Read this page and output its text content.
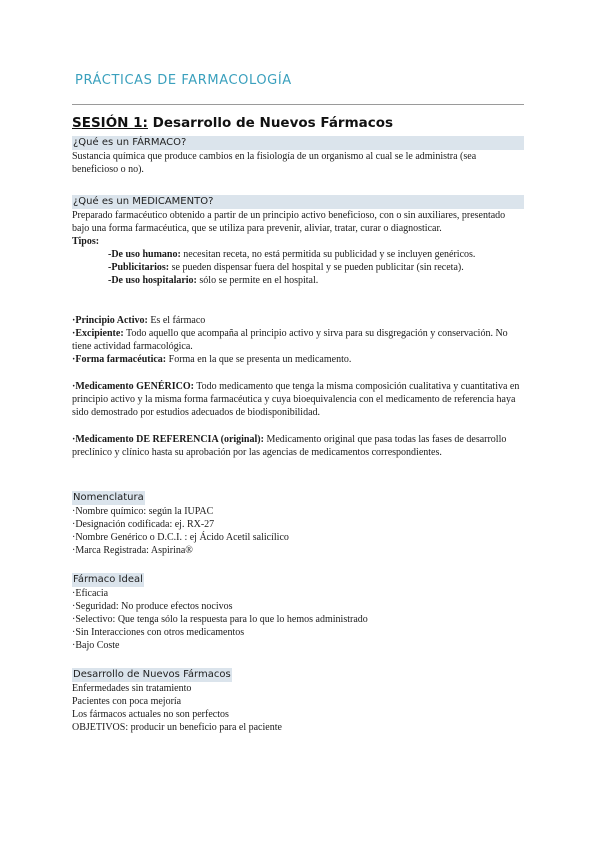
PRÁCTICAS DE FARMACOLOGÍA
SESIÓN 1: Desarrollo de Nuevos Fármacos
¿Qué es un FÁRMACO?

Sustancia química que produce cambios en la fisiología de un organismo al cual se le administra (sea beneficioso o no).

¿Qué es un MEDICAMENTO?

Preparado farmacéutico obtenido a partir de un principio activo beneficioso, con o sin auxiliares, presentado bajo una forma farmacéutica, que se utiliza para prevenir, aliviar, tratar, curar o diagnosticar.

Tipos:

-De uso humano: necesitan receta, no está permitida su publicidad y se incluyen genéricos.

-Publicitarios: se pueden dispensar fuera del hospital y se pueden publicitar (sin receta).

-De uso hospitalario: sólo se permite en el hospital.

·Principio Activo: Es el fármaco

·Excipiente: Todo aquello que acompaña al principio activo y sirva para su disgregación y conservación. No tiene actividad farmacológica.

·Forma farmacéutica: Forma en la que se presenta un medicamento.

·Medicamento GENÉRICO: Todo medicamento que tenga la misma composición cualitativa y cuantitativa en principio activo y la misma forma farmacéutica y cuya bioequivalencia con el medicamento de referencia haya sido demostrado por estudios adecuados de biodisponibilidad.

·Medicamento DE REFERENCIA (original): Medicamento original que pasa todas las fases de desarrollo preclínico y clínico hasta su aprobación por las agencias de medicamentos correspondientes.

Nomenclatura

·Nombre químico: según la IUPAC

·Designación codificada: ej. RX-27

·Nombre Genérico o D.C.I. : ej Ácido Acetil salicílico

·Marca Registrada: Aspirina®

Fármaco Ideal

·Eficacia

·Seguridad: No produce efectos nocivos

·Selectivo: Que tenga sólo la respuesta para lo que lo hemos administrado

·Sin Interacciones con otros medicamentos

·Bajo Coste

Desarrollo de Nuevos Fármacos

Enfermedades sin tratamiento

Pacientes con poca mejoría

Los fármacos actuales no son perfectos

OBJETIVOS: producir un beneficio para el paciente
